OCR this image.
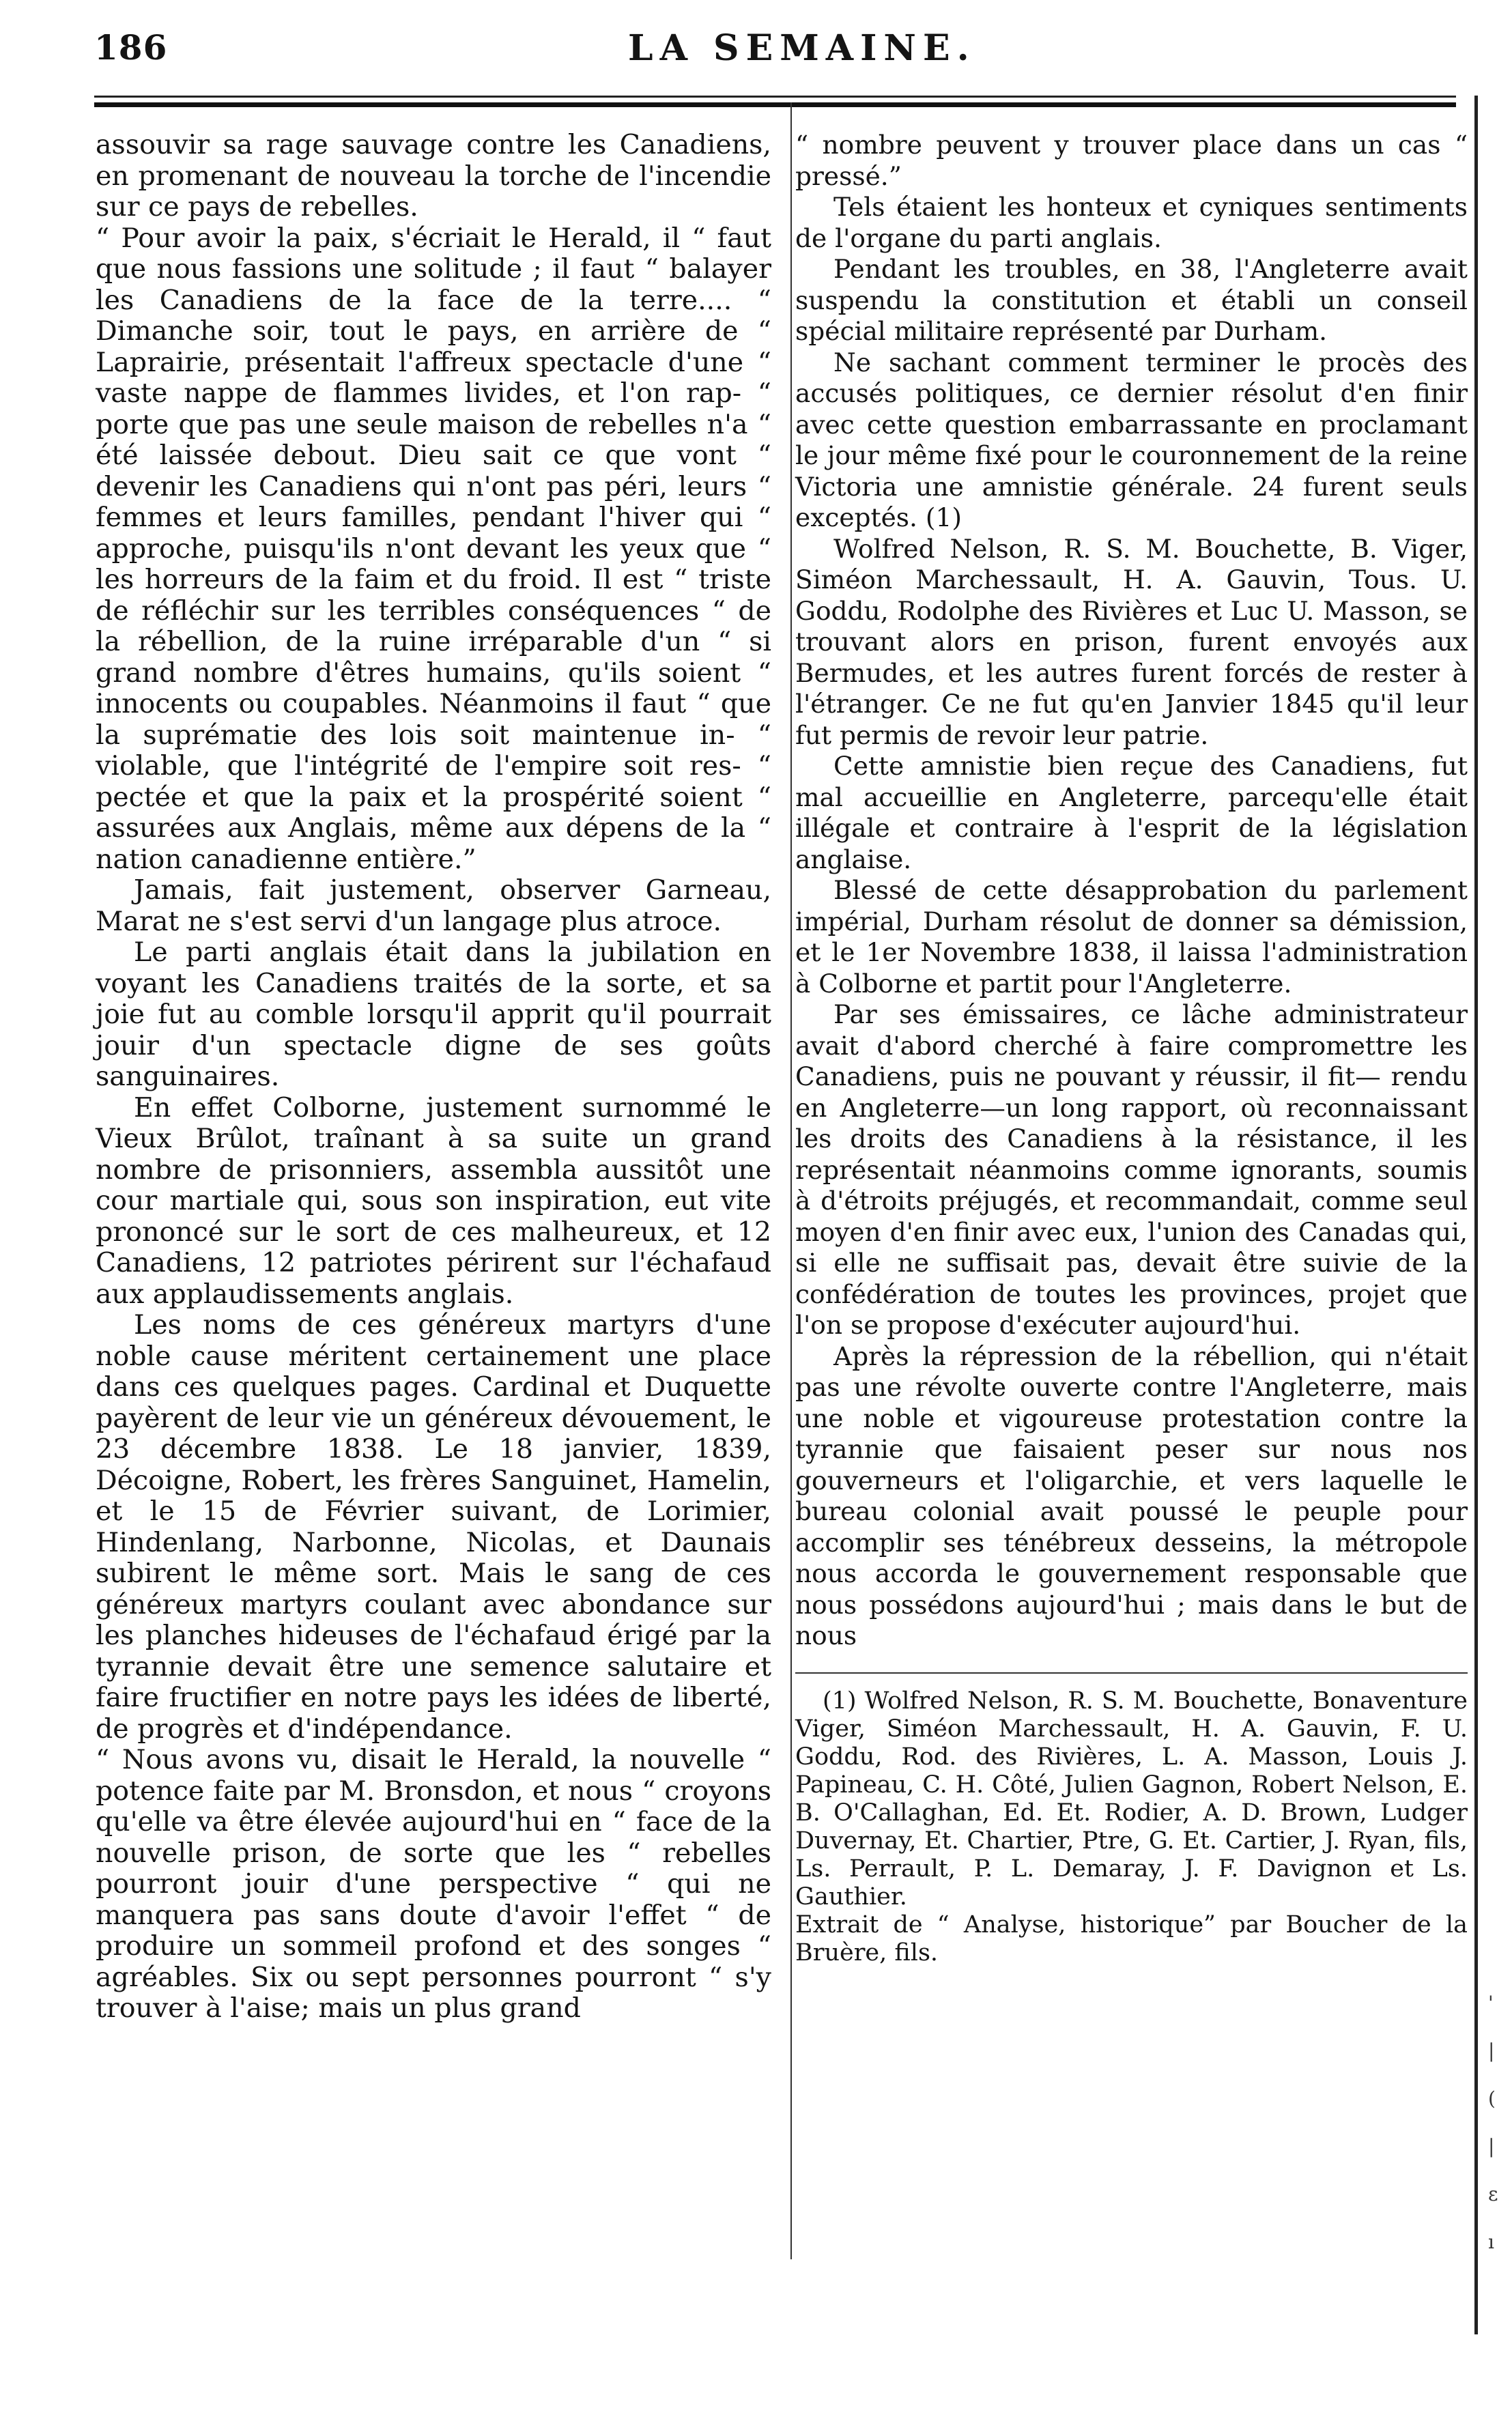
186	LA SEMAINE.

assouvir sa rage sauvage contre les Canadiens, en promenant de nouveau la torche de l'incendie sur ce pays de rebelles.

“ Pour avoir la paix, s'écriait le Herald, il “ faut que nous fassions une solitude ; il faut “ balayer les Canadiens de la face de la terre.... “ Dimanche soir, tout le pays, en arrière de “ Laprairie, présentait l'affreux spectacle d'une “ vaste nappe de flammes livides, et l'on rap- “ porte que pas une seule maison de rebelles n'a “ été laissée debout. Dieu sait ce que vont “ devenir les Canadiens qui n'ont pas péri, leurs “ femmes et leurs familles, pendant l'hiver qui “ approche, puisqu'ils n'ont devant les yeux que “ les horreurs de la faim et du froid. Il est “ triste de réfléchir sur les terribles conséquences “ de la rébellion, de la ruine irréparable d'un “ si grand nombre d'êtres humains, qu'ils soient “ innocents ou coupables. Néanmoins il faut “ que la suprématie des lois soit maintenue in- “ violable, que l'intégrité de l'empire soit res- “ pectée et que la paix et la prospérité soient “ assurées aux Anglais, même aux dépens de la “ nation canadienne entière.”

Jamais, fait justement, observer Garneau, Marat ne s'est servi d'un langage plus atroce.

Le parti anglais était dans la jubilation en voyant les Canadiens traités de la sorte, et sa joie fut au comble lorsqu'il apprit qu'il pourrait jouir d'un spectacle digne de ses goûts sanguinaires.

En effet Colborne, justement surnommé le Vieux Brûlot, traînant à sa suite un grand nombre de prisonniers, assembla aussitôt une cour martiale qui, sous son inspiration, eut vite prononcé sur le sort de ces malheureux, et 12 Canadiens, 12 patriotes périrent sur l'échafaud aux applaudissements anglais.

Les noms de ces généreux martyrs d'une noble cause méritent certainement une place dans ces quelques pages. Cardinal et Duquette payèrent de leur vie un généreux dévouement, le 23 décembre 1838. Le 18 janvier, 1839, Décoigne, Robert, les frères Sanguinet, Hamelin, et le 15 de Février suivant, de Lorimier, Hindenlang, Narbonne, Nicolas, et Daunais subirent le même sort. Mais le sang de ces généreux martyrs coulant avec abondance sur les planches hideuses de l'échafaud érigé par la tyrannie devait être une semence salutaire et faire fructifier en notre pays les idées de liberté, de progrès et d'indépendance.

“ Nous avons vu, disait le Herald, la nouvelle “ potence faite par M. Bronsdon, et nous “ croyons qu'elle va être élevée aujourd'hui en “ face de la nouvelle prison, de sorte que les “ rebelles pourront jouir d'une perspective “ qui ne manquera pas sans doute d'avoir l'effet “ de produire un sommeil profond et des songes “ agréables. Six ou sept personnes pourront “ s'y trouver à l'aise; mais un plus grand

“ nombre peuvent y trouver place dans un cas “ pressé.”

Tels étaient les honteux et cyniques sentiments de l'organe du parti anglais.

Pendant les troubles, en 38, l'Angleterre avait suspendu la constitution et établi un conseil spécial militaire représenté par Durham.

Ne sachant comment terminer le procès des accusés politiques, ce dernier résolut d'en finir avec cette question embarrassante en proclamant le jour même fixé pour le couronnement de la reine Victoria une amnistie générale. 24 furent seuls exceptés. (1)

Wolfred Nelson, R. S. M. Bouchette, B. Viger, Siméon Marchessault, H. A. Gauvin, Tous. U. Goddu, Rodolphe des Rivières et Luc U. Masson, se trouvant alors en prison, furent envoyés aux Bermudes, et les autres furent forcés de rester à l'étranger. Ce ne fut qu'en Janvier 1845 qu'il leur fut permis de revoir leur patrie.

Cette amnistie bien reçue des Canadiens, fut mal accueillie en Angleterre, parcequ'elle était illégale et contraire à l'esprit de la législation anglaise.

Blessé de cette désapprobation du parlement impérial, Durham résolut de donner sa démission, et le 1er Novembre 1838, il laissa l'administration à Colborne et partit pour l'Angleterre.

Par ses émissaires, ce lâche administrateur avait d'abord cherché à faire compromettre les Canadiens, puis ne pouvant y réussir, il fit— rendu en Angleterre—un long rapport, où reconnaissant les droits des Canadiens à la résistance, il les représentait néanmoins comme ignorants, soumis à d'étroits préjugés, et recommandait, comme seul moyen d'en finir avec eux, l'union des Canadas qui, si elle ne suffisait pas, devait être suivie de la confédération de toutes les provinces, projet que l'on se propose d'exécuter aujourd'hui.

Après la répression de la rébellion, qui n'était pas une révolte ouverte contre l'Angleterre, mais une noble et vigoureuse protestation contre la tyrannie que faisaient peser sur nous nos gouverneurs et l'oligarchie, et vers laquelle le bureau colonial avait poussé le peuple pour accomplir ses ténébreux desseins, la métropole nous accorda le gouvernement responsable que nous possédons aujourd'hui ; mais dans le but de nous

(1) Wolfred Nelson, R. S. M. Bouchette, Bonaventure Viger, Siméon Marchessault, H. A. Gauvin, F. U. Goddu, Rod. des Rivières, L. A. Masson, Louis J. Papineau, C. H. Côté, Julien Gagnon, Robert Nelson, E. B. O'Callaghan, Ed. Et. Rodier, A. D. Brown, Ludger Duvernay, Et. Chartier, Ptre, G. Et. Cartier, J. Ryan, fils, Ls. Perrault, P. L. Demaray, J. F. Davignon et Ls. Gauthier.

Extrait de “ Analyse, historique” par Boucher de la Bruère, fils.

'
|
(
|
ɛ
ı
